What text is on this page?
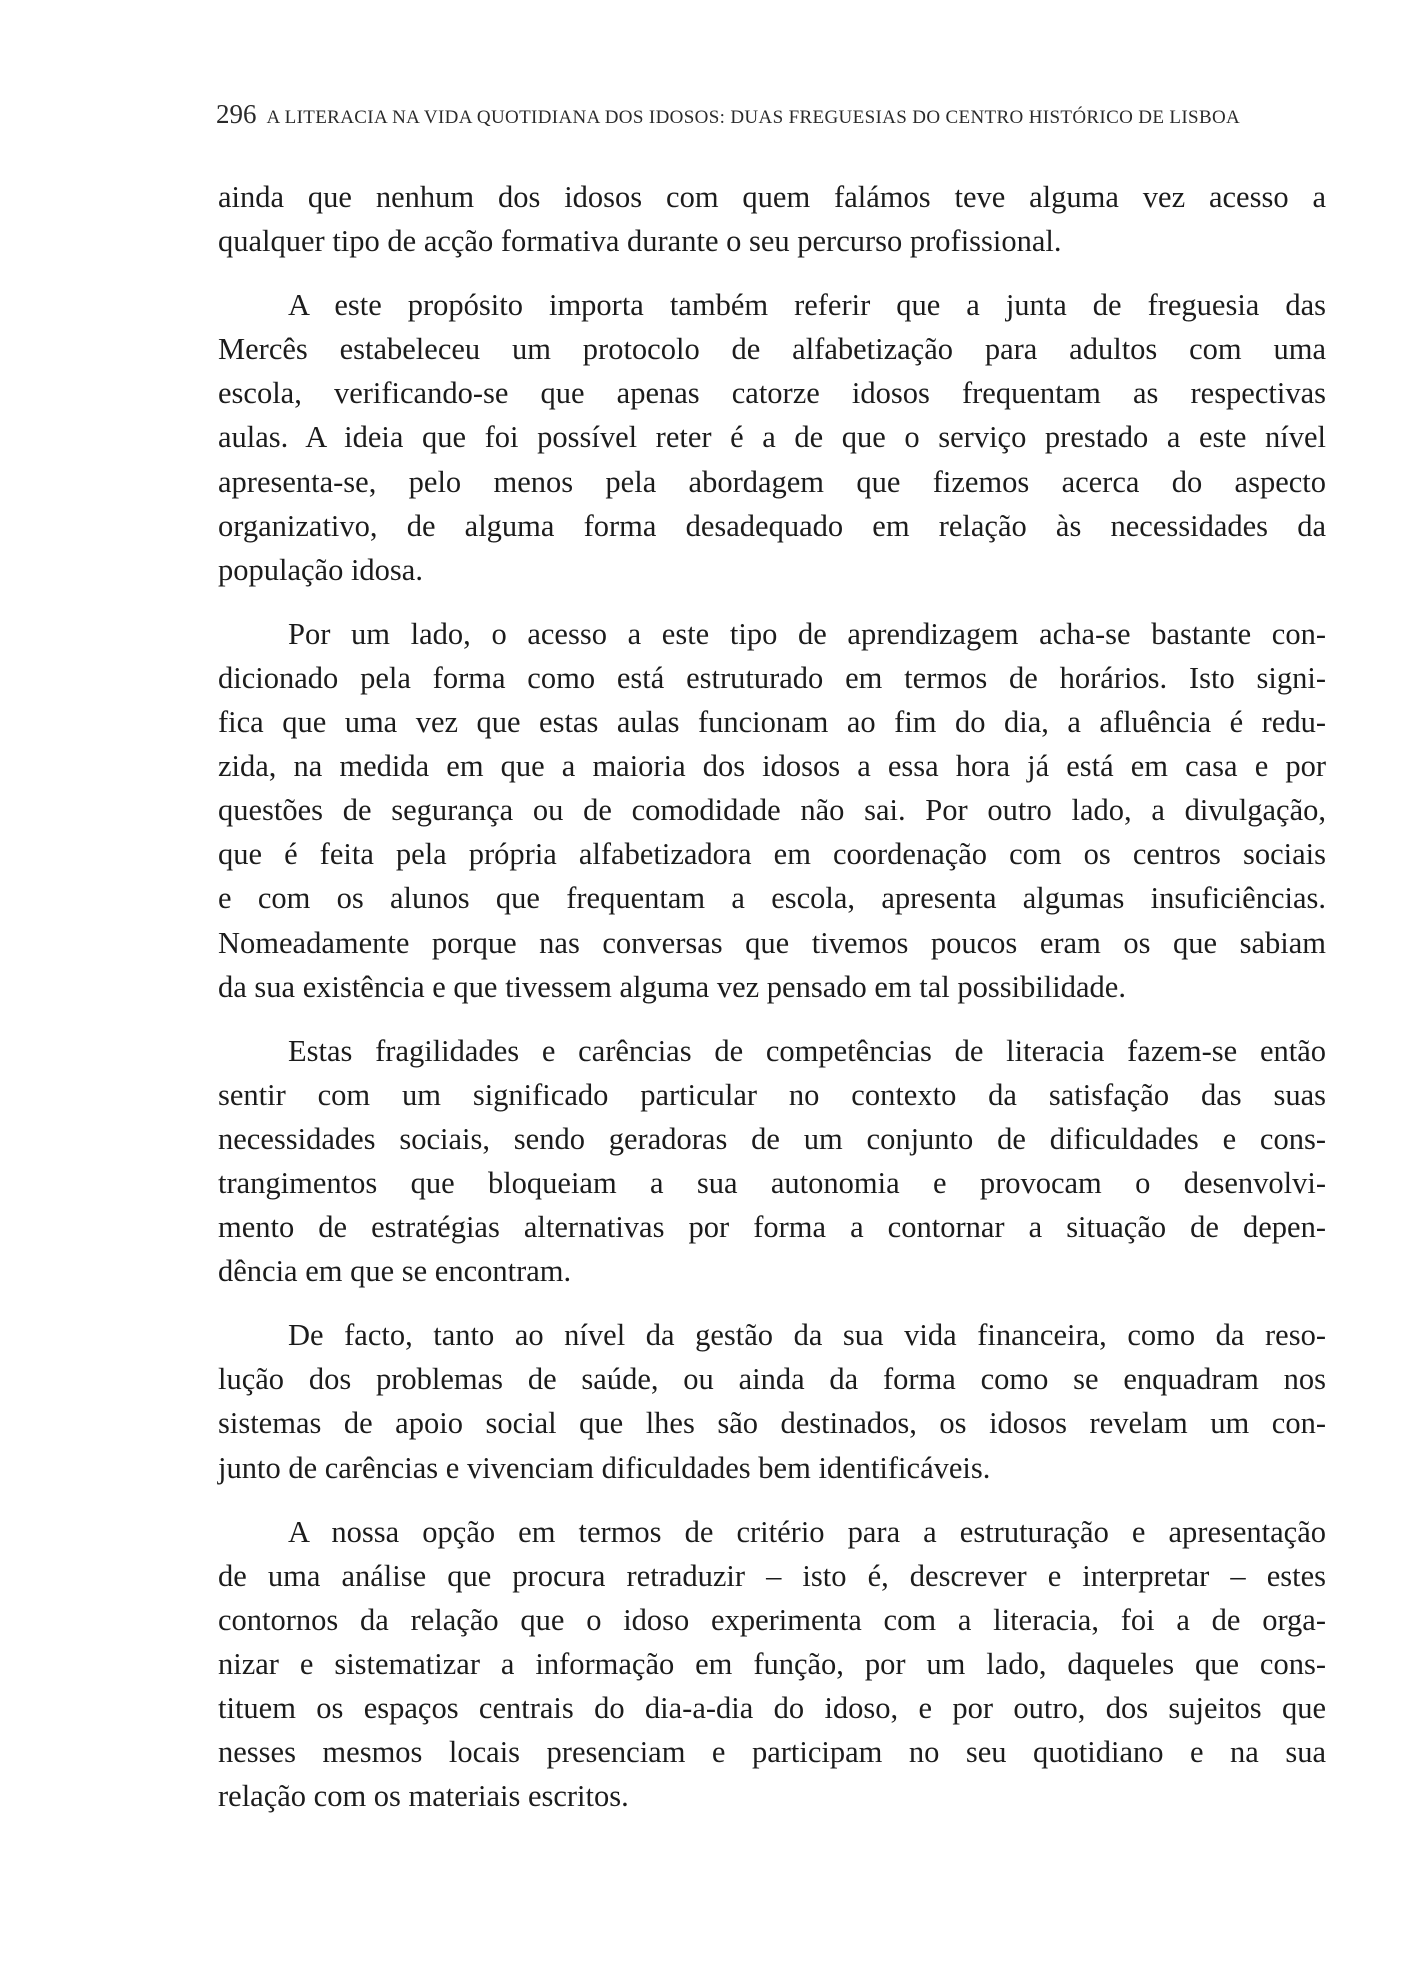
296 A LITERACIA NA VIDA QUOTIDIANA DOS IDOSOS: DUAS FREGUESIAS DO CENTRO HISTÓRICO DE LISBOA
ainda que nenhum dos idosos com quem falámos teve alguma vez acesso a
qualquer tipo de acção formativa durante o seu percurso profissional.
A este propósito importa também referir que a junta de freguesia das
Mercês estabeleceu um protocolo de alfabetização para adultos com uma
escola, verificando-se que apenas catorze idosos frequentam as respectivas
aulas. A ideia que foi possível reter é a de que o serviço prestado a este nível
apresenta-se, pelo menos pela abordagem que fizemos acerca do aspecto
organizativo, de alguma forma desadequado em relação às necessidades da
população idosa.
Por um lado, o acesso a este tipo de aprendizagem acha-se bastante con-
dicionado pela forma como está estruturado em termos de horários. Isto signi-
fica que uma vez que estas aulas funcionam ao fim do dia, a afluência é redu-
zida, na medida em que a maioria dos idosos a essa hora já está em casa e por
questões de segurança ou de comodidade não sai. Por outro lado, a divulgação,
que é feita pela própria alfabetizadora em coordenação com os centros sociais
e com os alunos que frequentam a escola, apresenta algumas insuficiências.
Nomeadamente porque nas conversas que tivemos poucos eram os que sabiam
da sua existência e que tivessem alguma vez pensado em tal possibilidade.
Estas fragilidades e carências de competências de literacia fazem-se então
sentir com um significado particular no contexto da satisfação das suas
necessidades sociais, sendo geradoras de um conjunto de dificuldades e cons-
trangimentos que bloqueiam a sua autonomia e provocam o desenvolvi-
mento de estratégias alternativas por forma a contornar a situação de depen-
dência em que se encontram.
De facto, tanto ao nível da gestão da sua vida financeira, como da reso-
lução dos problemas de saúde, ou ainda da forma como se enquadram nos
sistemas de apoio social que lhes são destinados, os idosos revelam um con-
junto de carências e vivenciam dificuldades bem identificáveis.
A nossa opção em termos de critério para a estruturação e apresentação
de uma análise que procura retraduzir – isto é, descrever e interpretar – estes
contornos da relação que o idoso experimenta com a literacia, foi a de orga-
nizar e sistematizar a informação em função, por um lado, daqueles que cons-
tituem os espaços centrais do dia-a-dia do idoso, e por outro, dos sujeitos que
nesses mesmos locais presenciam e participam no seu quotidiano e na sua
relação com os materiais escritos.
